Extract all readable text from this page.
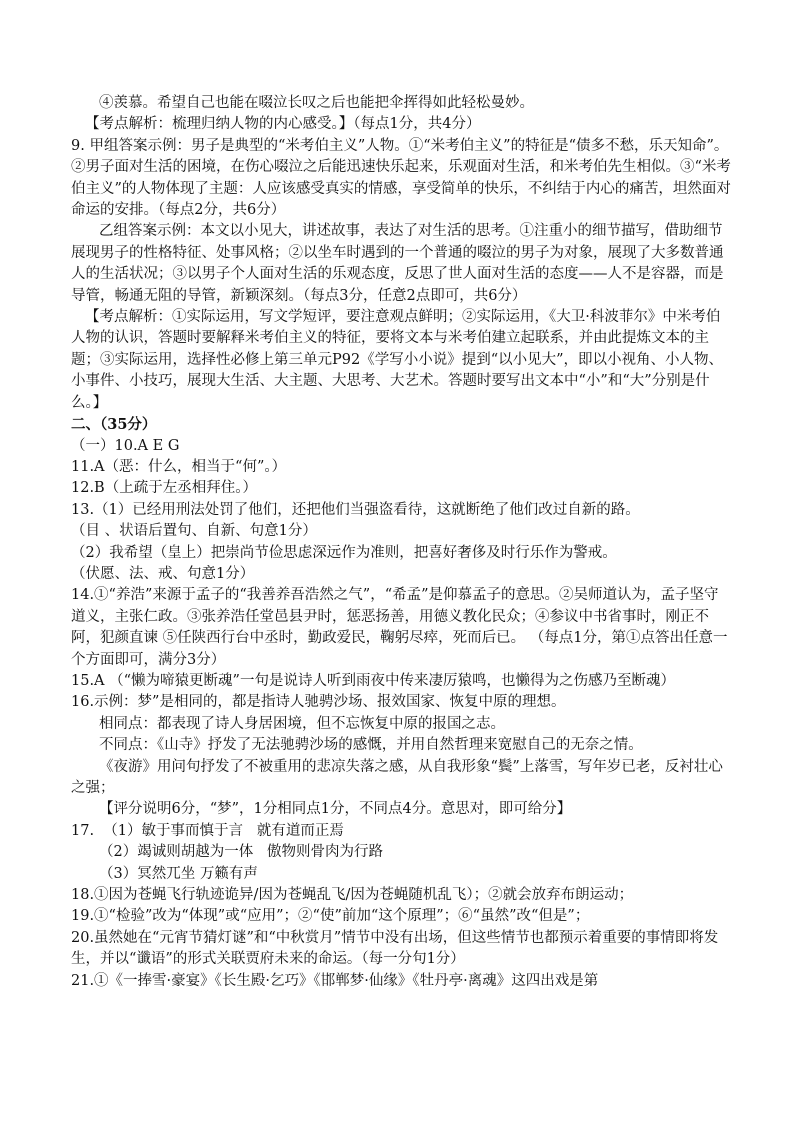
④羡慕。希望自己也能在啜泣长叹之后也能把伞挥得如此轻松曼妙。

【考点解析：梳理归纳人物的内心感受。】（每点1分，共4分）

9. 甲组答案示例：男子是典型的“米考伯主义”人物。①“米考伯主义”的特征是“债多不愁，乐天知命”。②男子面对生活的困境，在伤心啜泣之后能迅速快乐起来，乐观面对生活，和米考伯先生相似。③“米考伯主义”的人物体现了主题：人应该感受真实的情感，享受简单的快乐，不纠结于内心的痛苦，坦然面对命运的安排。（每点2分，共6分）

乙组答案示例：本文以小见大，讲述故事，表达了对生活的思考。①注重小的细节描写，借助细节展现男子的性格特征、处事风格；②以坐车时遇到的一个普通的啜泣的男子为对象，展现了大多数普通人的生活状况；③以男子个人面对生活的乐观态度，反思了世人面对生活的态度——人不是容器，而是导管，畅通无阻的导管，新颖深刻。（每点3分，任意2点即可，共6分）

【考点解析：①实际运用，写文学短评，要注意观点鲜明；②实际运用，《大卫·科波菲尔》中米考伯人物的认识，答题时要解释米考伯主义的特征，要将文本与米考伯建立起联系，并由此提炼文本的主题；③实际运用，选择性必修上第三单元P92《学写小小说》提到“以小见大”，即以小视角、小人物、小事件、小技巧，展现大生活、大主题、大思考、大艺术。答题时要写出文本中“小”和“大”分别是什么。】

二、（35分）

（一）10.A E G

11.A（恶：什么，相当于“何”。）

12.B（上疏于左丞相拜住。）

13.（1）已经用刑法处罚了他们，还把他们当强盗看待，这就断绝了他们改过自新的路。

（目 、状语后置句、自新、句意1分）

（2）我希望（皇上）把崇尚节俭思虑深远作为准则，把喜好奢侈及时行乐作为警戒。

（伏愿、法、戒、句意1分）

14.①“养浩”来源于孟子的“我善养吾浩然之气”，“希孟”是仰慕孟子的意思。②吴师道认为，孟子坚守道义，主张仁政。③张养浩任堂邑县尹时，惩恶扬善，用德义教化民众；④参议中书省事时，刚正不阿，犯颜直谏 ⑤任陕西行台中丞时，勤政爱民，鞠躬尽瘁，死而后已。 （每点1分，第①点答出任意一个方面即可，满分3分）

15.A （“懒为啼猿更断魂”一句是说诗人听到雨夜中传来凄厉猿鸣，也懒得为之伤感乃至断魂）

16.示例：梦”是相同的，都是指诗人驰骋沙场、报效国家、恢复中原的理想。

相同点：都表现了诗人身居困境，但不忘恢复中原的报国之志。

不同点：《山寺》抒发了无法驰骋沙场的感慨，并用自然哲理来宽慰自己的无奈之情。

《夜游》用问句抒发了不被重用的悲凉失落之感，从自我形象“鬓”上落雪，写年岁已老，反衬壮心之强；

【评分说明6分，“梦”，1分相同点1分，不同点4分。意思对，即可给分】

17.  （1）敏于事而慎于言   就有道而正焉

（2）竭诚则胡越为一体   傲物则骨肉为行路

（3）冥然兀坐 万籁有声

18.①因为苍蝇飞行轨迹诡异/因为苍蝇乱飞/因为苍蝇随机乱飞）；②就会放弃布朗运动；

19.①“检验”改为“体现”或“应用”；②“使”前加“这个原理”；⑥“虽然”改“但是”；

20.虽然她在“元宵节猜灯谜”和“中秋赏月”情节中没有出场，但这些情节也都预示着重要的事情即将发生，并以“谶语”的形式关联贾府未来的命运。（每一分句1分）

21.①《一捧雪·豪宴》《长生殿·乞巧》《邯郸梦·仙缘》《牡丹亭·离魂》这四出戏是第
